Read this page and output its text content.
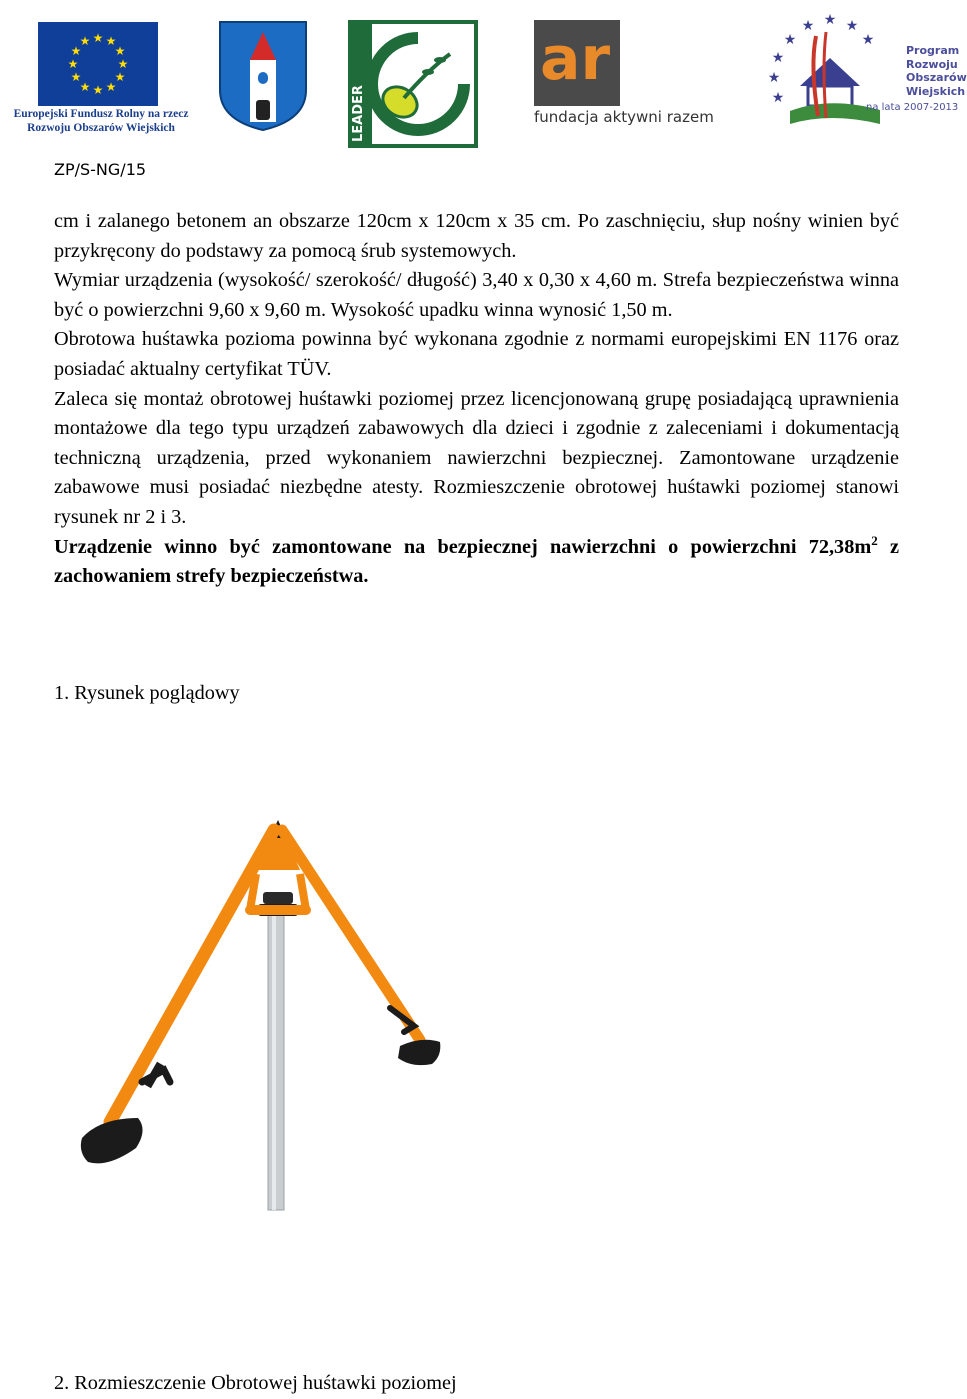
★ ★
★
★
★
★
★
★
★
★
★
★
Europejski Fundusz Rolny na rzecz
Rozwoju Obszarów Wiejskich	LEADER
ar
fundacja aktywni razem
★ ★
★
★
★
★
★
★
Program
Rozwoju
Obszarów
Wiejskich
na lata 2007-2013
ZP/S-NG/15

cm i zalanego betonem an obszarze 120cm x 120cm x 35 cm. Po zaschnięciu, słup nośny winien być przykręcony do podstawy za pomocą śrub systemowych.

Wymiar urządzenia (wysokość/ szerokość/ długość) 3,40 x 0,30 x 4,60 m. Strefa bezpieczeństwa winna być o powierzchni 9,60 x 9,60 m. Wysokość upadku winna wynosić 1,50 m.

Obrotowa huśtawka pozioma powinna być wykonana zgodnie z normami europejskimi EN 1176 oraz posiadać aktualny certyfikat TÜV.

Zaleca się montaż obrotowej huśtawki poziomej przez licencjonowaną grupę posiadającą uprawnienia montażowe dla tego typu urządzeń zabawowych dla dzieci i zgodnie z zaleceniami i dokumentacją techniczną urządzenia, przed wykonaniem nawierzchni bezpiecznej. Zamontowane urządzenie zabawowe musi posiadać niezbędne atesty. Rozmieszczenie obrotowej huśtawki poziomej stanowi rysunek nr 2 i 3.

Urządzenie winno być zamontowane na bezpiecznej nawierzchni o powierzchni $72,38m^2$ z zachowaniem strefy bezpieczeństwa.

1. Rysunek poglądowy
2. Rozmieszczenie Obrotowej huśtawki poziomej
